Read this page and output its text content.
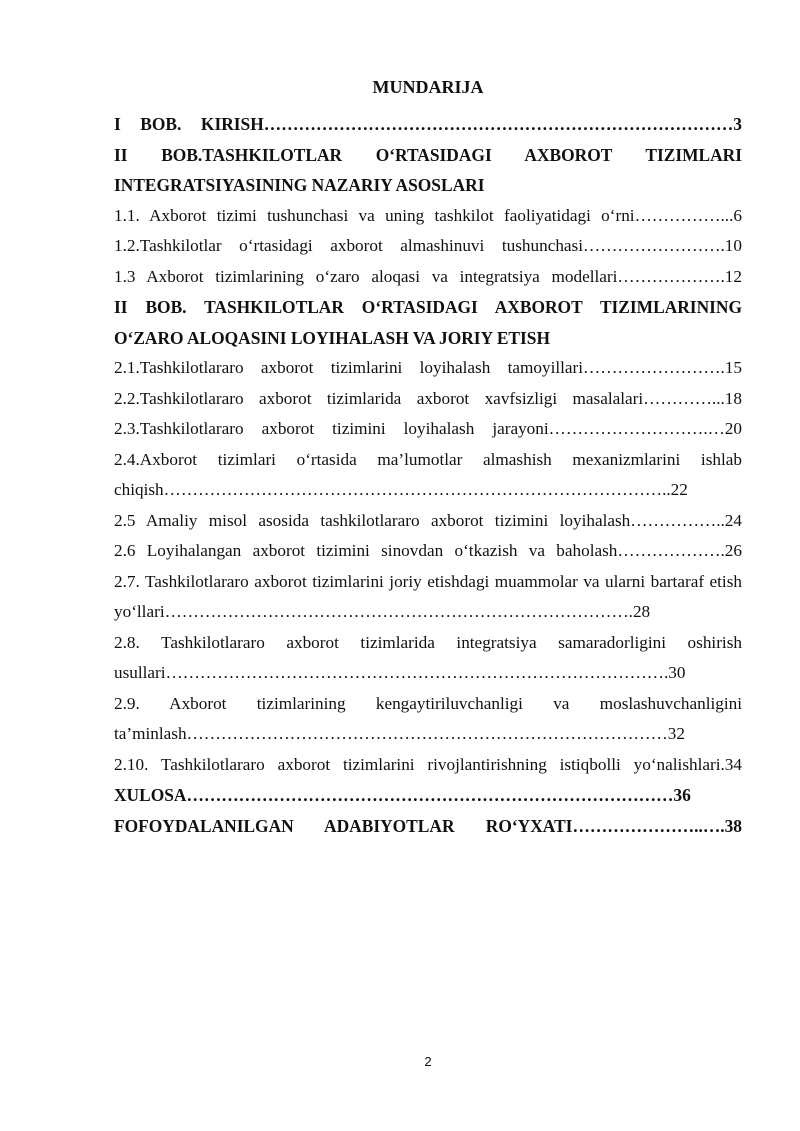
MUNDARIJA
I BOB. KIRISH………………………………………………………………………3
II BOB.TASHKILOTLAR O‘RTASIDAGI AXBOROT TIZIMLARI INTEGRATSIYASINING NAZARIY ASOSLARI
1.1. Axborot tizimi tushunchasi va uning tashkilot faoliyatidagi o‘rni……………...6
1.2.Tashkilotlar o‘rtasidagi axborot almashinuvi tushunchasi…………………….10
1.3 Axborot tizimlarining o‘zaro aloqasi va integratsiya modellari……………….12
II BOB. TASHKILOTLAR O‘RTASIDAGI AXBOROT TIZIMLARINING O‘ZARO ALOQASINI LOYIHALASH VA JORIY ETISH
2.1.Tashkilotlararo axborot tizimlarini loyihalash tamoyillari…………………….15
2.2.Tashkilotlararo axborot tizimlarida axborot xavfsizligi masalalari…………...18
2.3.Tashkilotlararo axborot tizimini loyihalash jarayoni……………………….…20
2.4.Axborot tizimlari o‘rtasida ma’lumotlar almashish mexanizmlarini ishlab chiqish……………………………………………………………………………..22
2.5 Amaliy misol asosida tashkilotlararo axborot tizimini loyihalash……………..24
2.6 Loyihalangan axborot tizimini sinovdan o‘tkazish va baholash……………….26
2.7. Tashkilotlararo axborot tizimlarini joriy etishdagi muammolar va ularni bartaraf etish yo‘llari……………………………………………………………………….28
2.8. Tashkilotlararo axborot tizimlarida integratsiya samaradorligini oshirish usullari…………………………………………………………………………….30
2.9. Axborot tizimlarining kengaytiriluvchanligi va moslashuvchanligini ta’minlash…………………………………………………………………………32
2.10. Tashkilotlararo axborot tizimlarini rivojlantirishning istiqbolli yo‘nalishlari.34
XULOSA…………………………………………………………………………36
FOFOYDALANILGAN ADABIYOTLAR RO‘YXATI…………………..….38
2
